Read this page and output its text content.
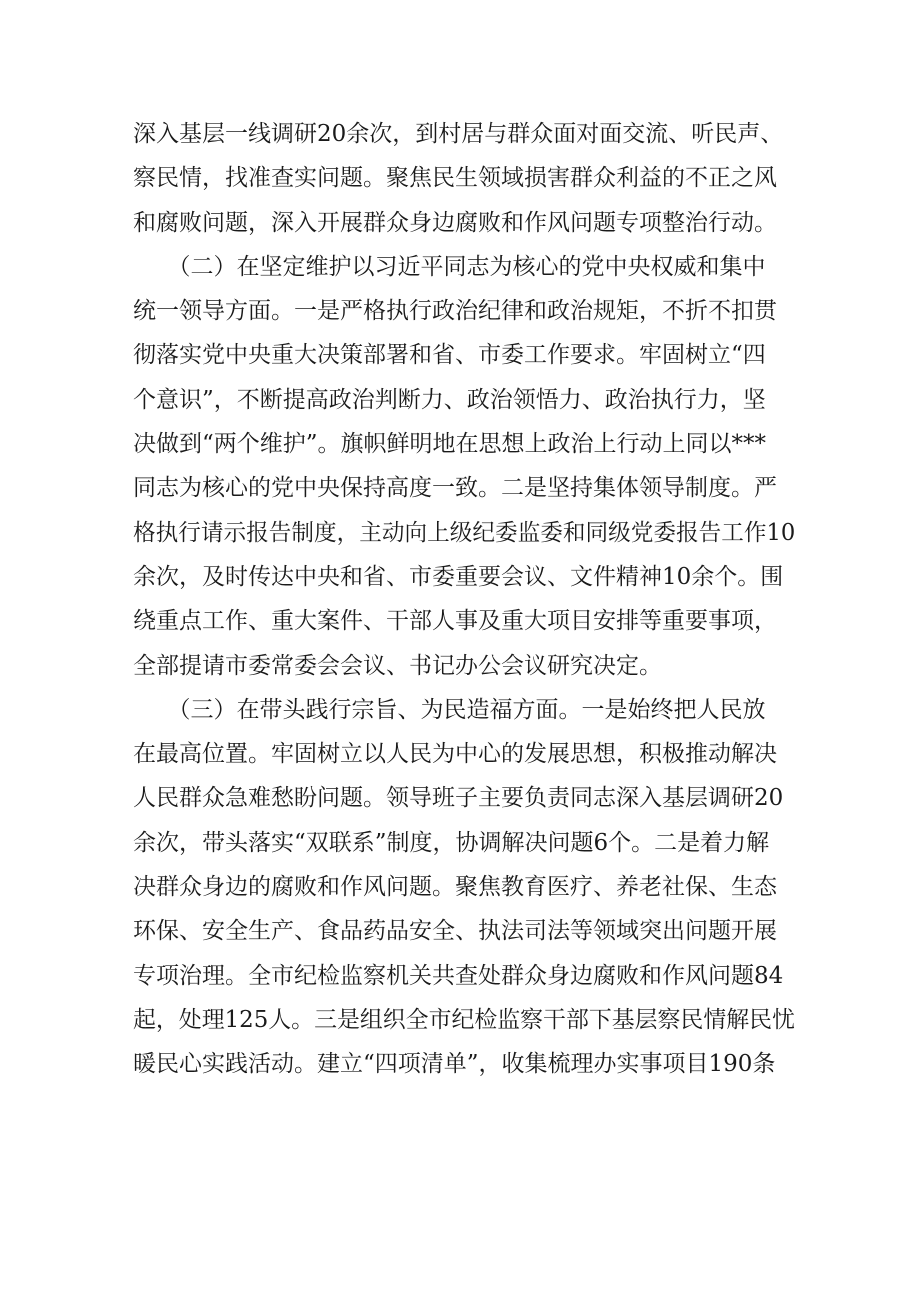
深入基层一线调研20余次，到村居与群众面对面交流、听民声、
察民情，找准查实问题。聚焦民生领域损害群众利益的不正之风
和腐败问题，深入开展群众身边腐败和作风问题专项整治行动。
　　（二）在坚定维护以习近平同志为核心的党中央权威和集中
统一领导方面。一是严格执行政治纪律和政治规矩，不折不扣贯
彻落实党中央重大决策部署和省、市委工作要求。牢固树立“四
个意识”，不断提高政治判断力、政治领悟力、政治执行力，坚
决做到“两个维护”。旗帜鲜明地在思想上政治上行动上同以***
同志为核心的党中央保持高度一致。二是坚持集体领导制度。严
格执行请示报告制度，主动向上级纪委监委和同级党委报告工作10
余次，及时传达中央和省、市委重要会议、文件精神10余个。围
绕重点工作、重大案件、干部人事及重大项目安排等重要事项，
全部提请市委常委会会议、书记办公会议研究决定。
　　（三）在带头践行宗旨、为民造福方面。一是始终把人民放
在最高位置。牢固树立以人民为中心的发展思想，积极推动解决
人民群众急难愁盼问题。领导班子主要负责同志深入基层调研20
余次，带头落实“双联系”制度，协调解决问题6个。二是着力解
决群众身边的腐败和作风问题。聚焦教育医疗、养老社保、生态
环保、安全生产、食品药品安全、执法司法等领域突出问题开展
专项治理。全市纪检监察机关共查处群众身边腐败和作风问题84
起，处理125人。三是组织全市纪检监察干部下基层察民情解民忧
暖民心实践活动。建立“四项清单”，收集梳理办实事项目190条
